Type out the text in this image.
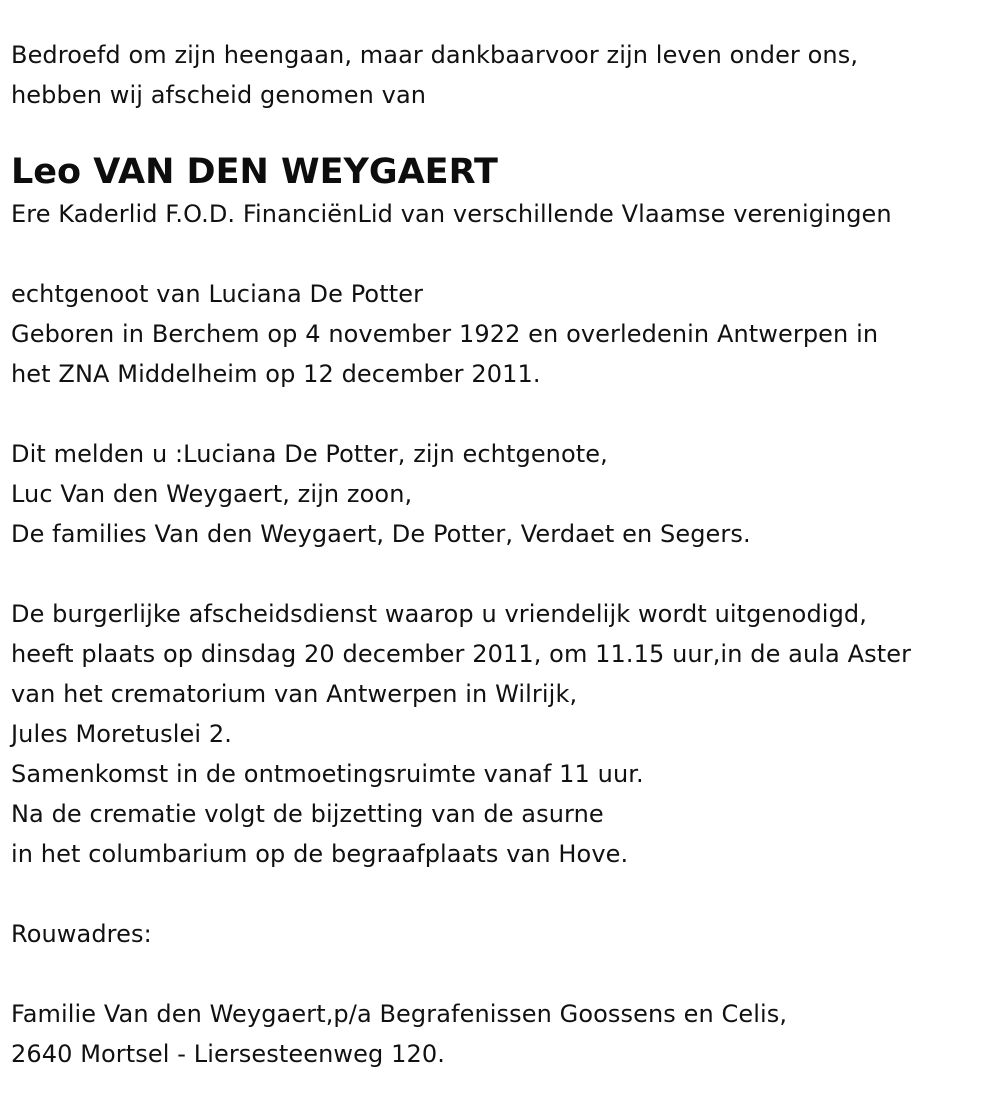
Bedroefd om zijn heengaan, maar dankbaarvoor zijn leven onder ons,
hebben wij afscheid genomen van
Leo VAN DEN WEYGAERT
Ere Kaderlid F.O.D. FinanciënLid van verschillende Vlaamse verenigingen
echtgenoot van Luciana De Potter
Geboren in Berchem op 4 november 1922 en overledenin Antwerpen in
het ZNA Middelheim op 12 december 2011.
Dit melden u :Luciana De Potter, zijn echtgenote,
Luc Van den Weygaert, zijn zoon,
De families Van den Weygaert, De Potter, Verdaet en Segers.
De burgerlijke afscheidsdienst waarop u vriendelijk wordt uitgenodigd,
heeft plaats op dinsdag 20 december 2011, om 11.15 uur,in de aula Aster
van het crematorium van Antwerpen in Wilrijk,
Jules Moretuslei 2.
Samenkomst in de ontmoetingsruimte vanaf 11 uur.
Na de crematie volgt de bijzetting van de asurne
in het columbarium op de begraafplaats van Hove.
Rouwadres:
Familie Van den Weygaert,p/a Begrafenissen Goossens en Celis,
2640 Mortsel - Liersesteenweg 120.
